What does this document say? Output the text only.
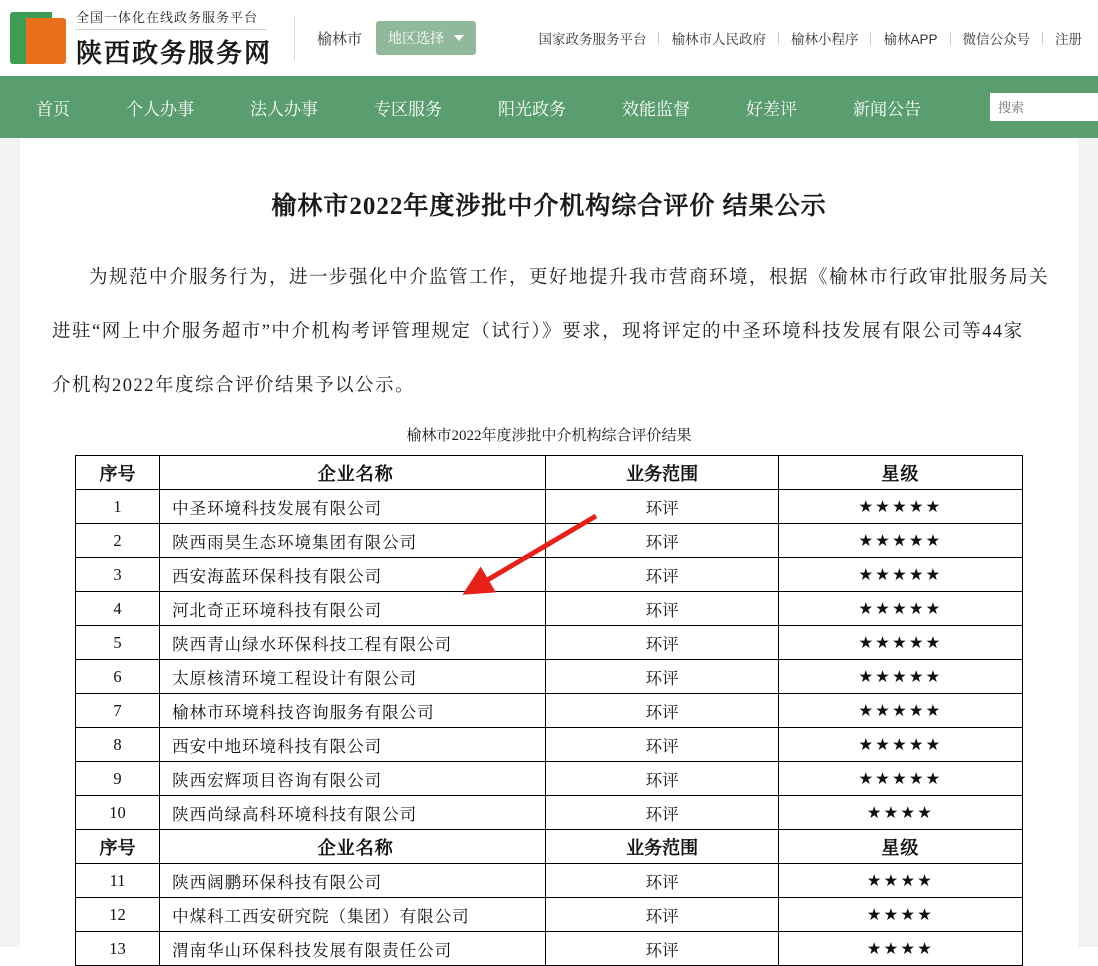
全国一体化在线政务服务平台
陕西政务服务网	榆林市 地区选择	国家政务服务平台	榆林市人民政府	榆林小程序	榆林APP	微信公众号	注册
首页	个人办事	法人办事	专区服务	阳光政务	效能监督	好差评	新闻公告
搜索
榆林市2022年度涉批中介机构综合评价 结果公示
为规范中介服务行为，进一步强化中介监管工作，更好地提升我市营商环境，根据《榆林市行政审批服务局关
进驻“网上中介服务超市”中介机构考评管理规定（试行）》要求，现将评定的中圣环境科技发展有限公司等44家
介机构2022年度综合评价结果予以公示。
榆林市2022年度涉批中介机构综合评价结果
序号	企业名称	业务范围	星级
1	中圣环境科技发展有限公司	环评	★★★★★
2	陕西雨昊生态环境集团有限公司	环评	★★★★★
3	西安海蓝环保科技有限公司	环评	★★★★★
4	河北奇正环境科技有限公司	环评	★★★★★
5	陕西青山绿水环保科技工程有限公司	环评	★★★★★
6	太原核清环境工程设计有限公司	环评	★★★★★
7	榆林市环境科技咨询服务有限公司	环评	★★★★★
8	西安中地环境科技有限公司	环评	★★★★★
9	陕西宏辉项目咨询有限公司	环评	★★★★★
10	陕西尚绿高科环境科技有限公司	环评	★★★★
序号	企业名称	业务范围	星级
11	陕西阔鹏环保科技有限公司	环评	★★★★
12	中煤科工西安研究院（集团）有限公司	环评	★★★★
13	渭南华山环保科技发展有限责任公司	环评	★★★★
